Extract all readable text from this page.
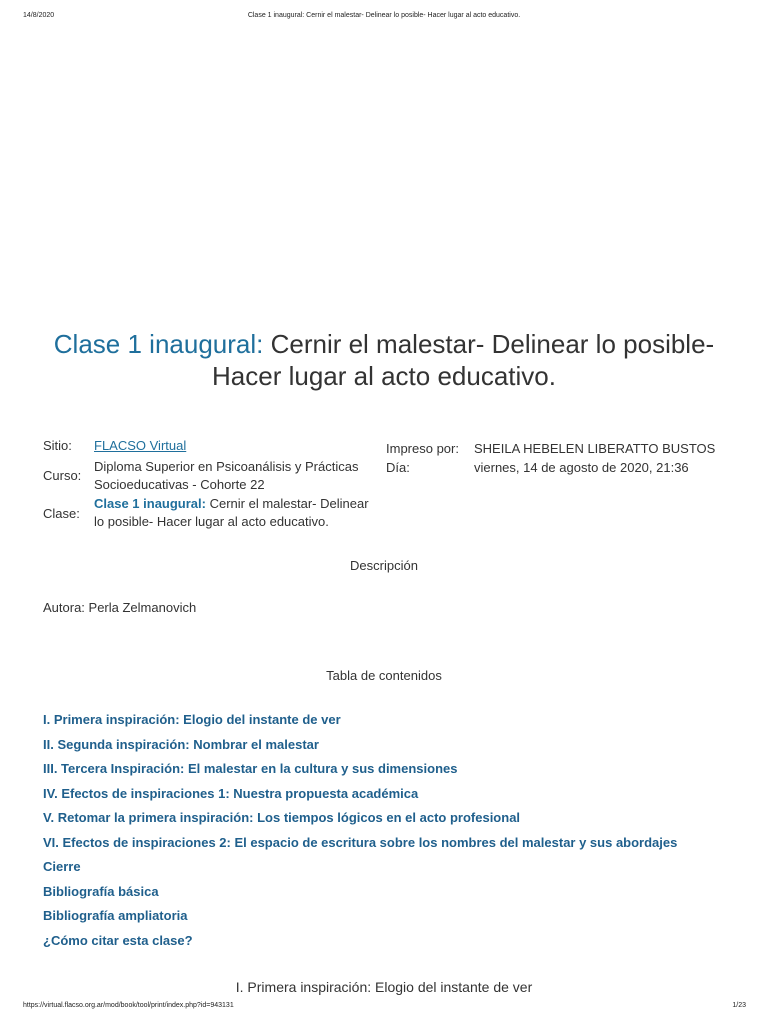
14/8/2020	Clase 1 inaugural: Cernir el malestar- Delinear lo posible- Hacer lugar al acto educativo.
Clase 1 inaugural: Cernir el malestar- Delinear lo posible-
Hacer lugar al acto educativo.
Sitio: FLACSO Virtual
Curso:
Diploma Superior en Psicoanálisis y Prácticas
Socioeducativas - Cohorte 22
Clase:
Clase 1 inaugural: Cernir el malestar- Delinear
lo posible- Hacer lugar al acto educativo.
Impreso por: SHEILA HEBELEN LIBERATTO BUSTOS
Día:	viernes, 14 de agosto de 2020, 21:36
Descripción
Autora: Perla Zelmanovich
Tabla de contenidos
I. Primera inspiración: Elogio del instante de ver
II. Segunda inspiración: Nombrar el malestar
III. Tercera Inspiración: El malestar en la cultura y sus dimensiones
IV. Efectos de inspiraciones 1: Nuestra propuesta académica
V. Retomar la primera inspiración: Los tiempos lógicos en el acto profesional
VI. Efectos de inspiraciones 2: El espacio de escritura sobre los nombres del malestar y sus abordajes
Cierre
Bibliografía básica
Bibliografía ampliatoria
¿Cómo citar esta clase?
I. Primera inspiración: Elogio del instante de ver
https://virtual.flacso.org.ar/mod/book/tool/print/index.php?id=943131	1/23
